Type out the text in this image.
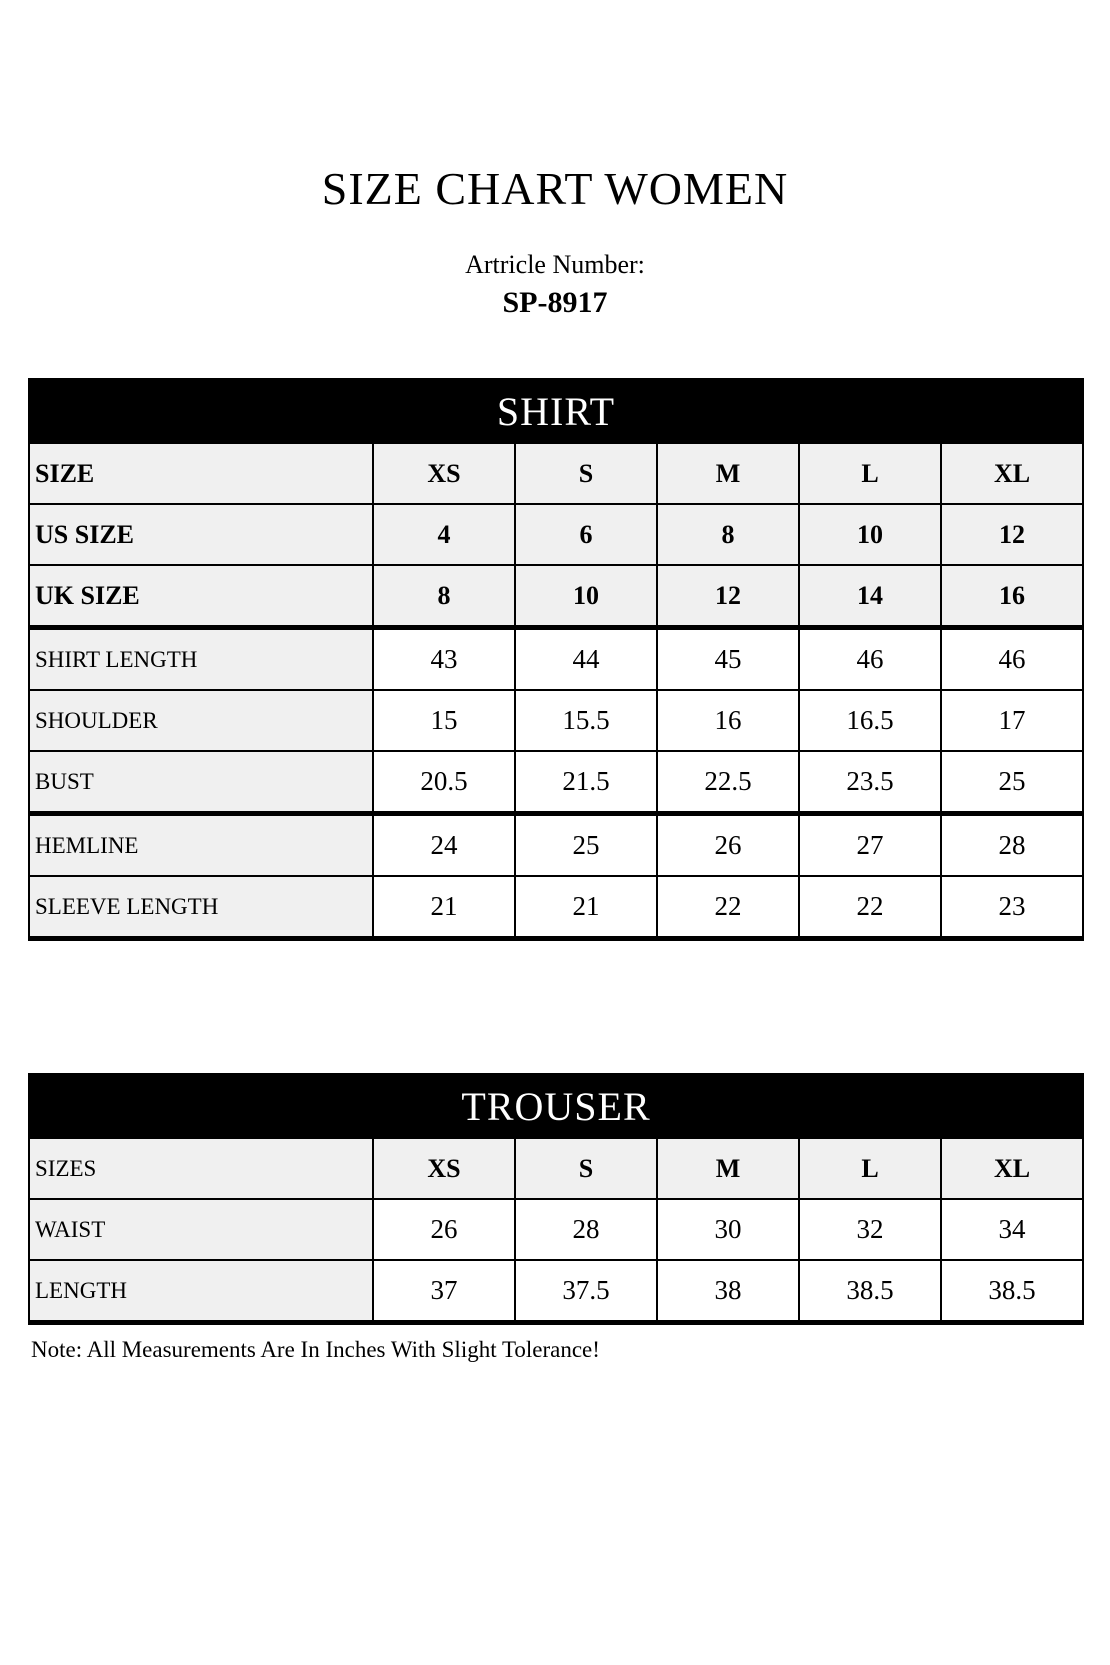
SIZE CHART WOMEN
Artricle Number:
SP-8917
SHIRT					
SIZE	XS	S	M	L	XL
US SIZE	4	6	8	10	12
UK SIZE	8	10	12	14	16
SHIRT LENGTH	43	44	45	46	46
SHOULDER	15	15.5	16	16.5	17
BUST	20.5	21.5	22.5	23.5	25
HEMLINE	24	25	26	27	28
SLEEVE LENGTH	21	21	22	22	23
TROUSER					
SIZES	XS	S	M	L	XL
WAIST	26	28	30	32	34
LENGTH	37	37.5	38	38.5	38.5
Note: All Measurements Are In Inches With Slight Tolerance!
